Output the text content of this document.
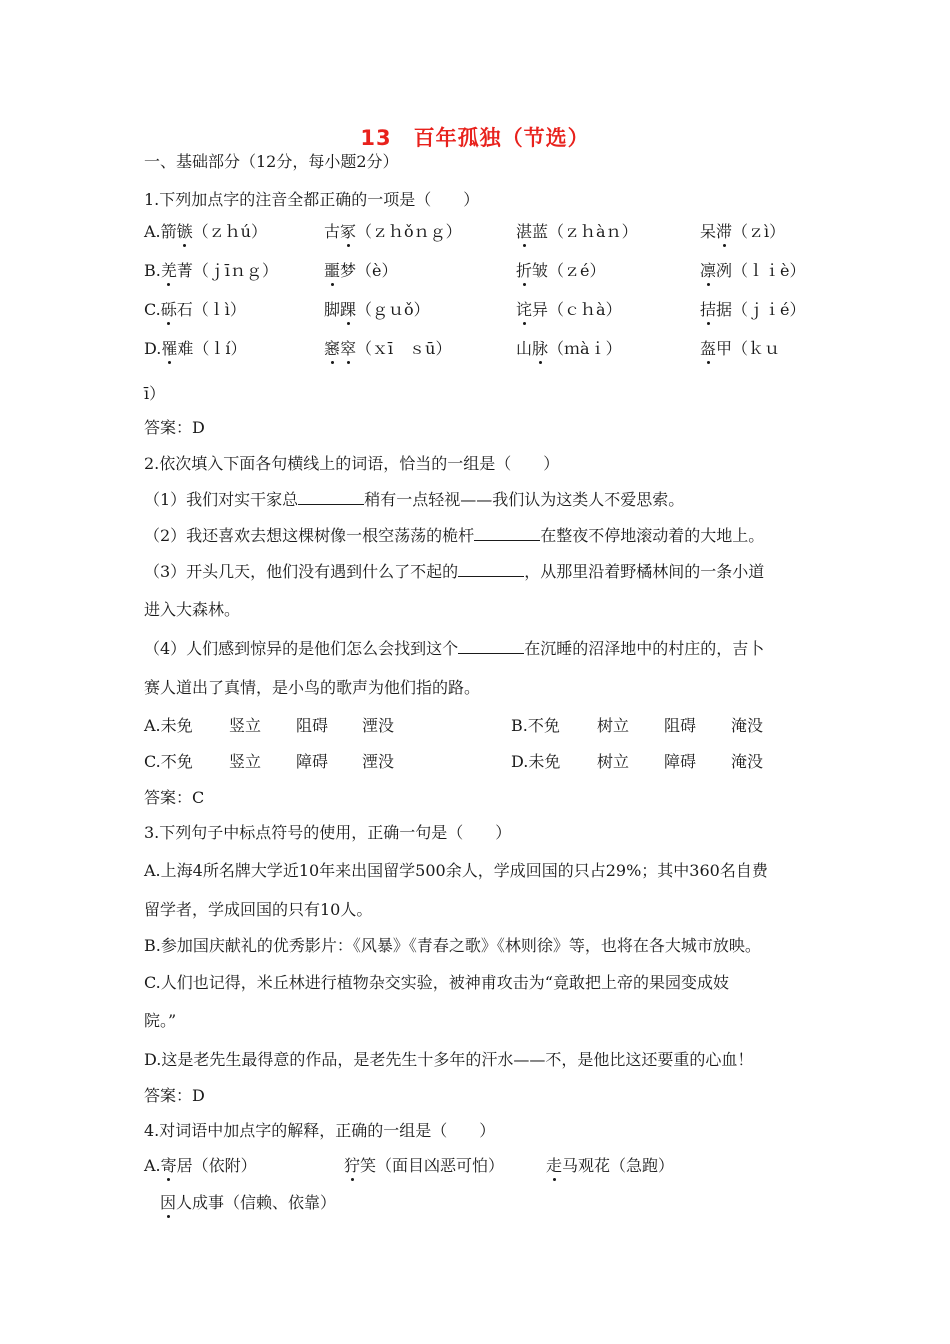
13　百年孤独（节选）
一、基础部分（12分，每小题2分）
1.下列加点字的注音全都正确的一项是（　　）
A.箭镞（ｚｈú）	古冢（ｚｈǒｎｇ）	湛蓝（ｚｈàｎ）	呆滞（ｚì）
B.羌菁（ｊīｎｇ）	噩梦（è）	折皱（ｚé）	凛冽（ｌｉè）
C.砾石（ｌì）	脚踝（ｇｕǒ）	诧异（ｃｈà）	拮据（ｊｉé）
D.罹难（ｌí）	窸窣（ｘī　ｓū）	山脉（ｍàｉ）	盔甲（ｋｕ
ī）
答案：D
2.依次填入下面各句横线上的词语，恰当的一组是（　　）
（1）我们对实干家总	稍有一点轻视——我们认为这类人不爱思索。
（2）我还喜欢去想这棵树像一根空荡荡的桅杆	在整夜不停地滚动着的大地上。
（3）开头几天，他们没有遇到什么了不起的	，从那里沿着野橘林间的一条小道
进入大森林。
（4）人们感到惊异的是他们怎么会找到这个	在沉睡的沼泽地中的村庄的，吉卜
赛人道出了真情，是小鸟的歌声为他们指的路。
A.未免 竖立 阻碍 湮没	B.不免 树立 阻碍 淹没
C.不免 竖立 障碍 湮没	D.未免 树立 障碍 淹没
答案：C
3.下列句子中标点符号的使用，正确一句是（　　）
A.上海4所名牌大学近10年来出国留学500余人，学成回国的只占29%；其中360名自费
留学者，学成回国的只有10人。
B.参加国庆献礼的优秀影片：《风暴》《青春之歌》《林则徐》等，也将在各大城市放映。
C.人们也记得，米丘林进行植物杂交实验，被神甫攻击为“竟敢把上帝的果园变成妓
院。”
D.这是老先生最得意的作品，是老先生十多年的汗水——不，是他比这还要重的心血！
答案：D
4.对词语中加点字的解释，正确的一组是（　　）
A.寄居（依附）	狞笑（面目凶恶可怕）	走马观花（急跑）
因人成事（信赖、依靠）
